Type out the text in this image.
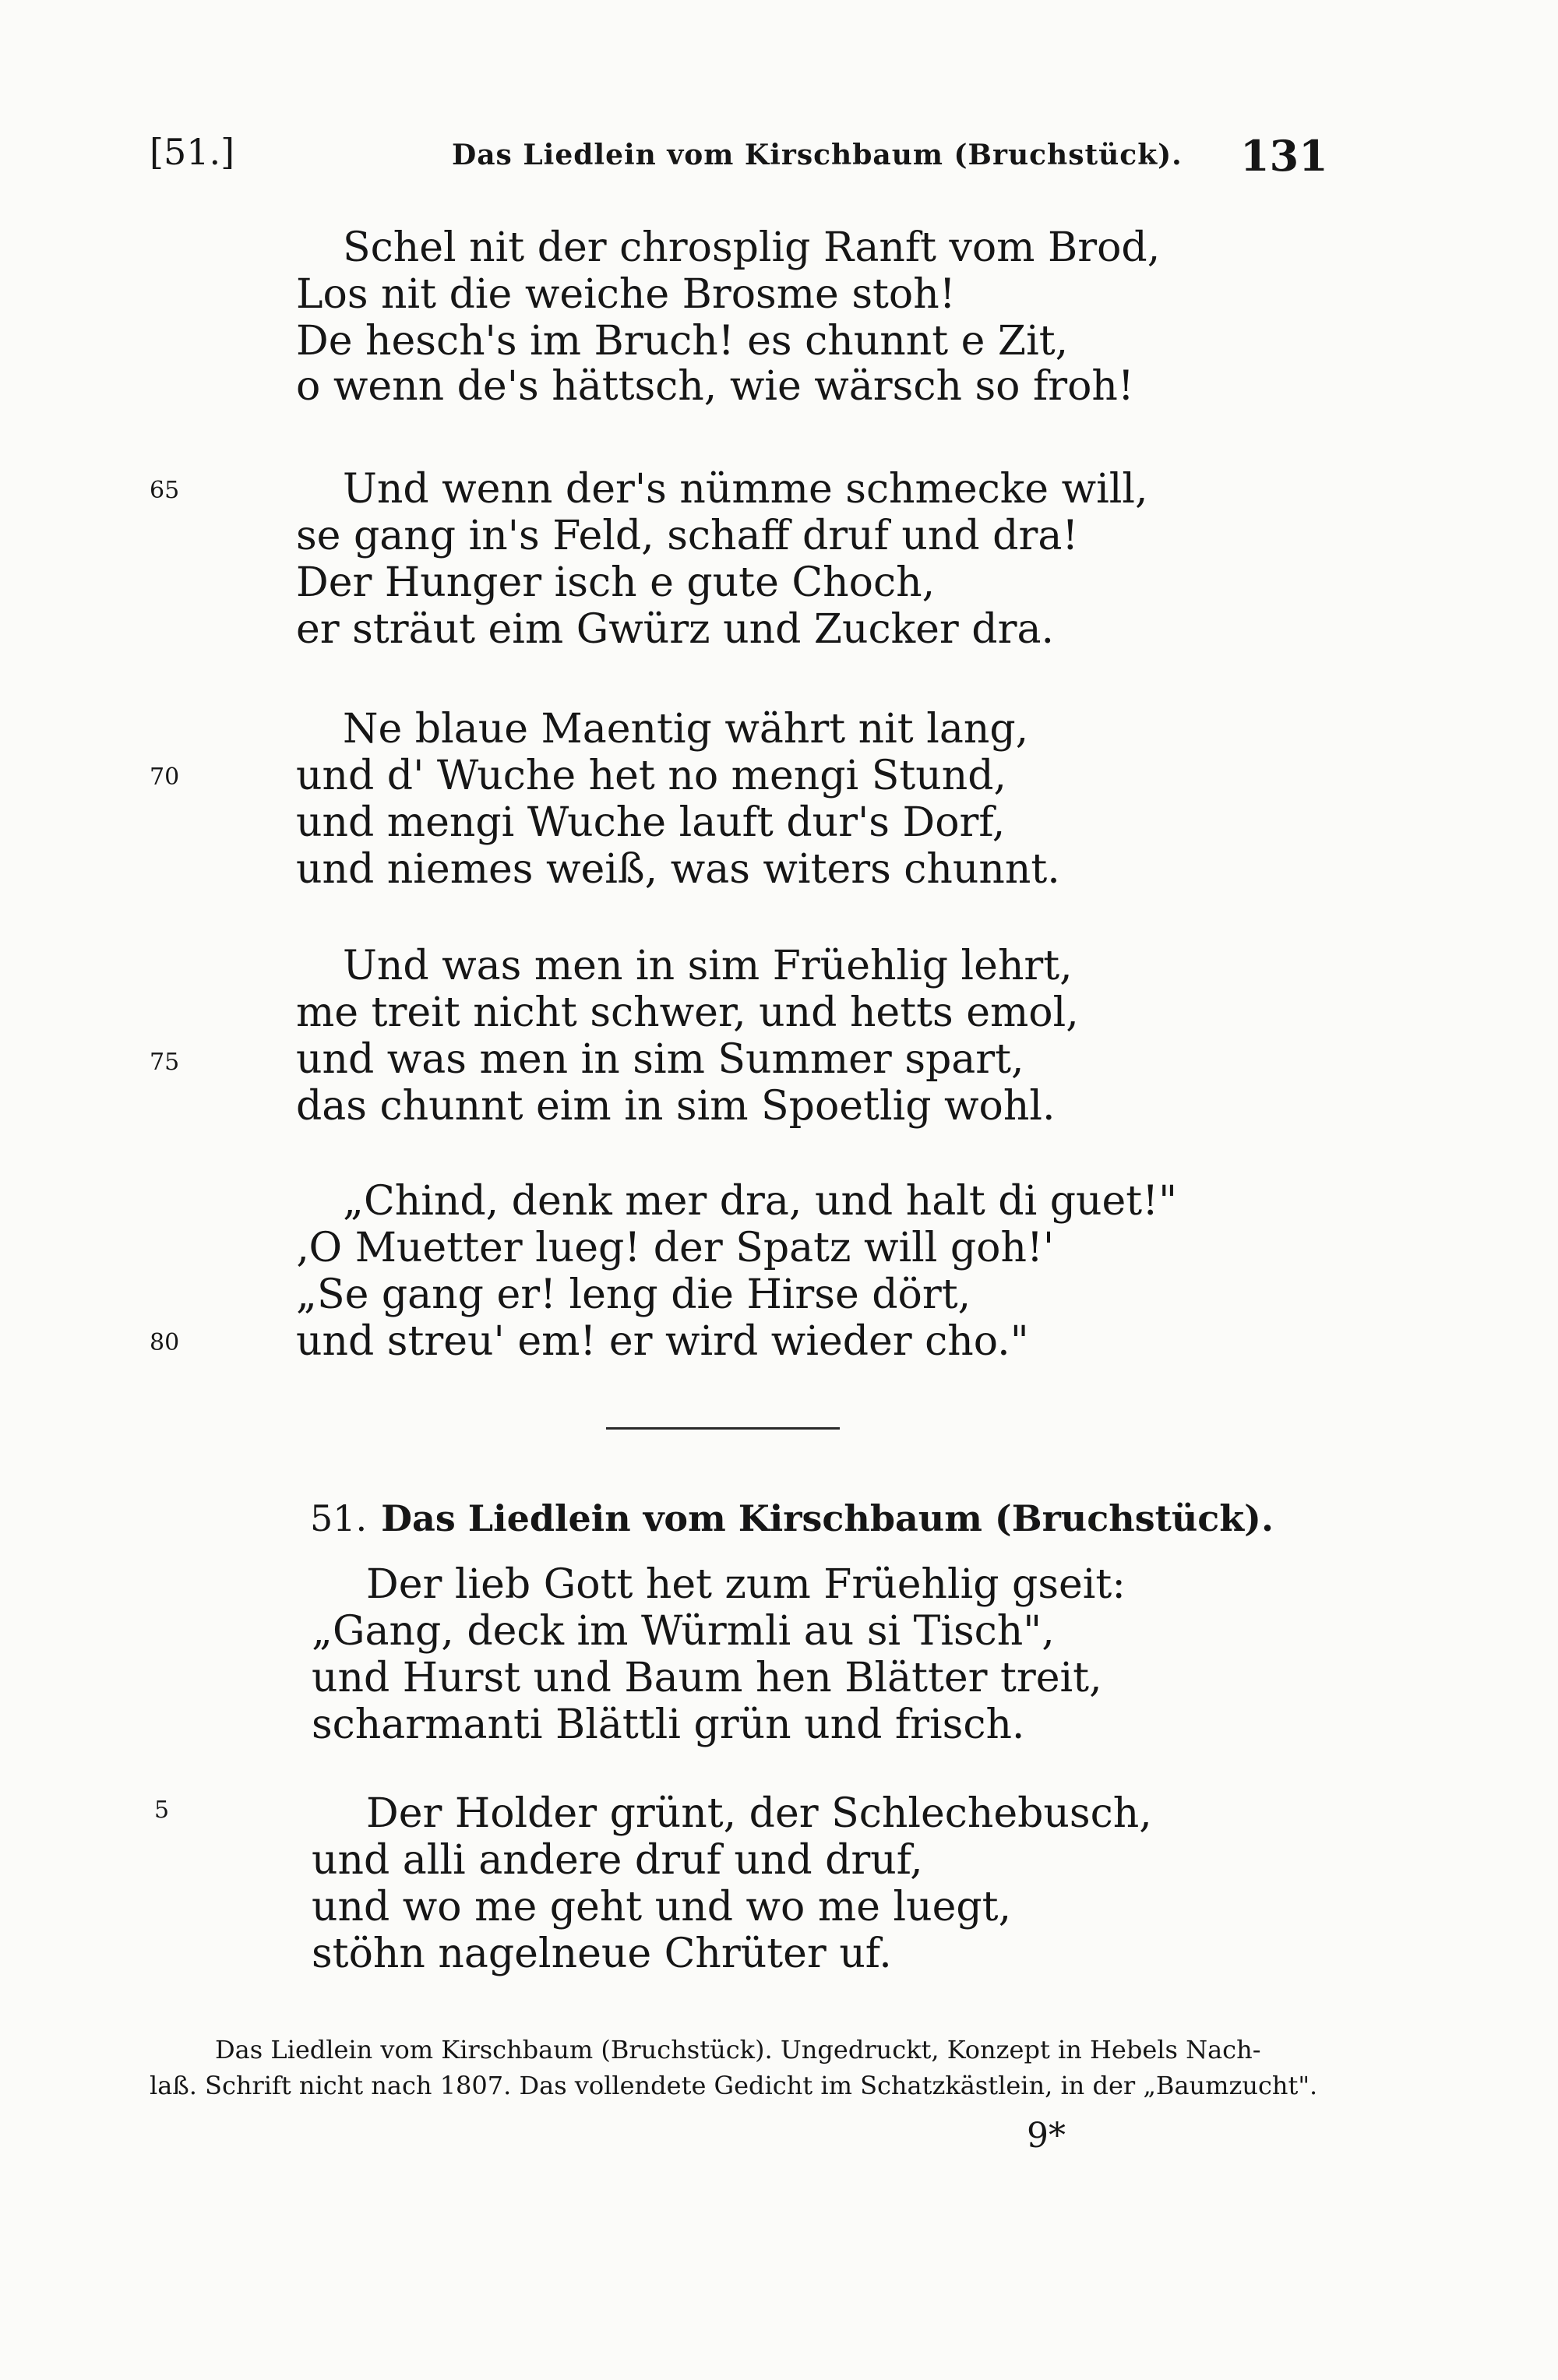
[51.]	Das Liedlein vom Kirschbaum (Bruchstück). 131
Schel nit der chrosplig Ranft vom Brod,
Los nit die weiche Brosme stoh!
De hesch's im Bruch! es chunnt e Zit,
o wenn de's hättsch, wie wärsch so froh!
65	Und wenn der's nümme schmecke will,
se gang in's Feld, schaff druf und dra!
Der Hunger isch e gute Choch,
er sträut eim Gwürz und Zucker dra.
Ne blaue Maentig währt nit lang,
70	und d' Wuche het no mengi Stund,
und mengi Wuche lauft dur's Dorf,
und niemes weiß, was witers chunnt.
Und was men in sim Früehlig lehrt,
me treit nicht schwer, und hetts emol,
75	und was men in sim Summer spart,
das chunnt eim in sim Spoetlig wohl.
„Chind, denk mer dra, und halt di guet!"
‚O Muetter lueg! der Spatz will goh!'
„Se gang er! leng die Hirse dört,
80	und streu' em! er wird wieder cho."
51. Das Liedlein vom Kirschbaum (Bruchstück).
Der lieb Gott het zum Früehlig gseit:
„Gang, deck im Würmli au si Tisch",
und Hurst und Baum hen Blätter treit,
scharmanti Blättli grün und frisch.
5	Der Holder grünt, der Schlechebusch,
und alli andere druf und druf,
und wo me geht und wo me luegt,
stöhn nagelneue Chrüter uf.
Das Liedlein vom Kirschbaum (Bruchstück). Ungedruckt, Konzept in Hebels Nach-
laß. Schrift nicht nach 1807. Das vollendete Gedicht im Schatzkästlein, in der „Baumzucht".
9*
